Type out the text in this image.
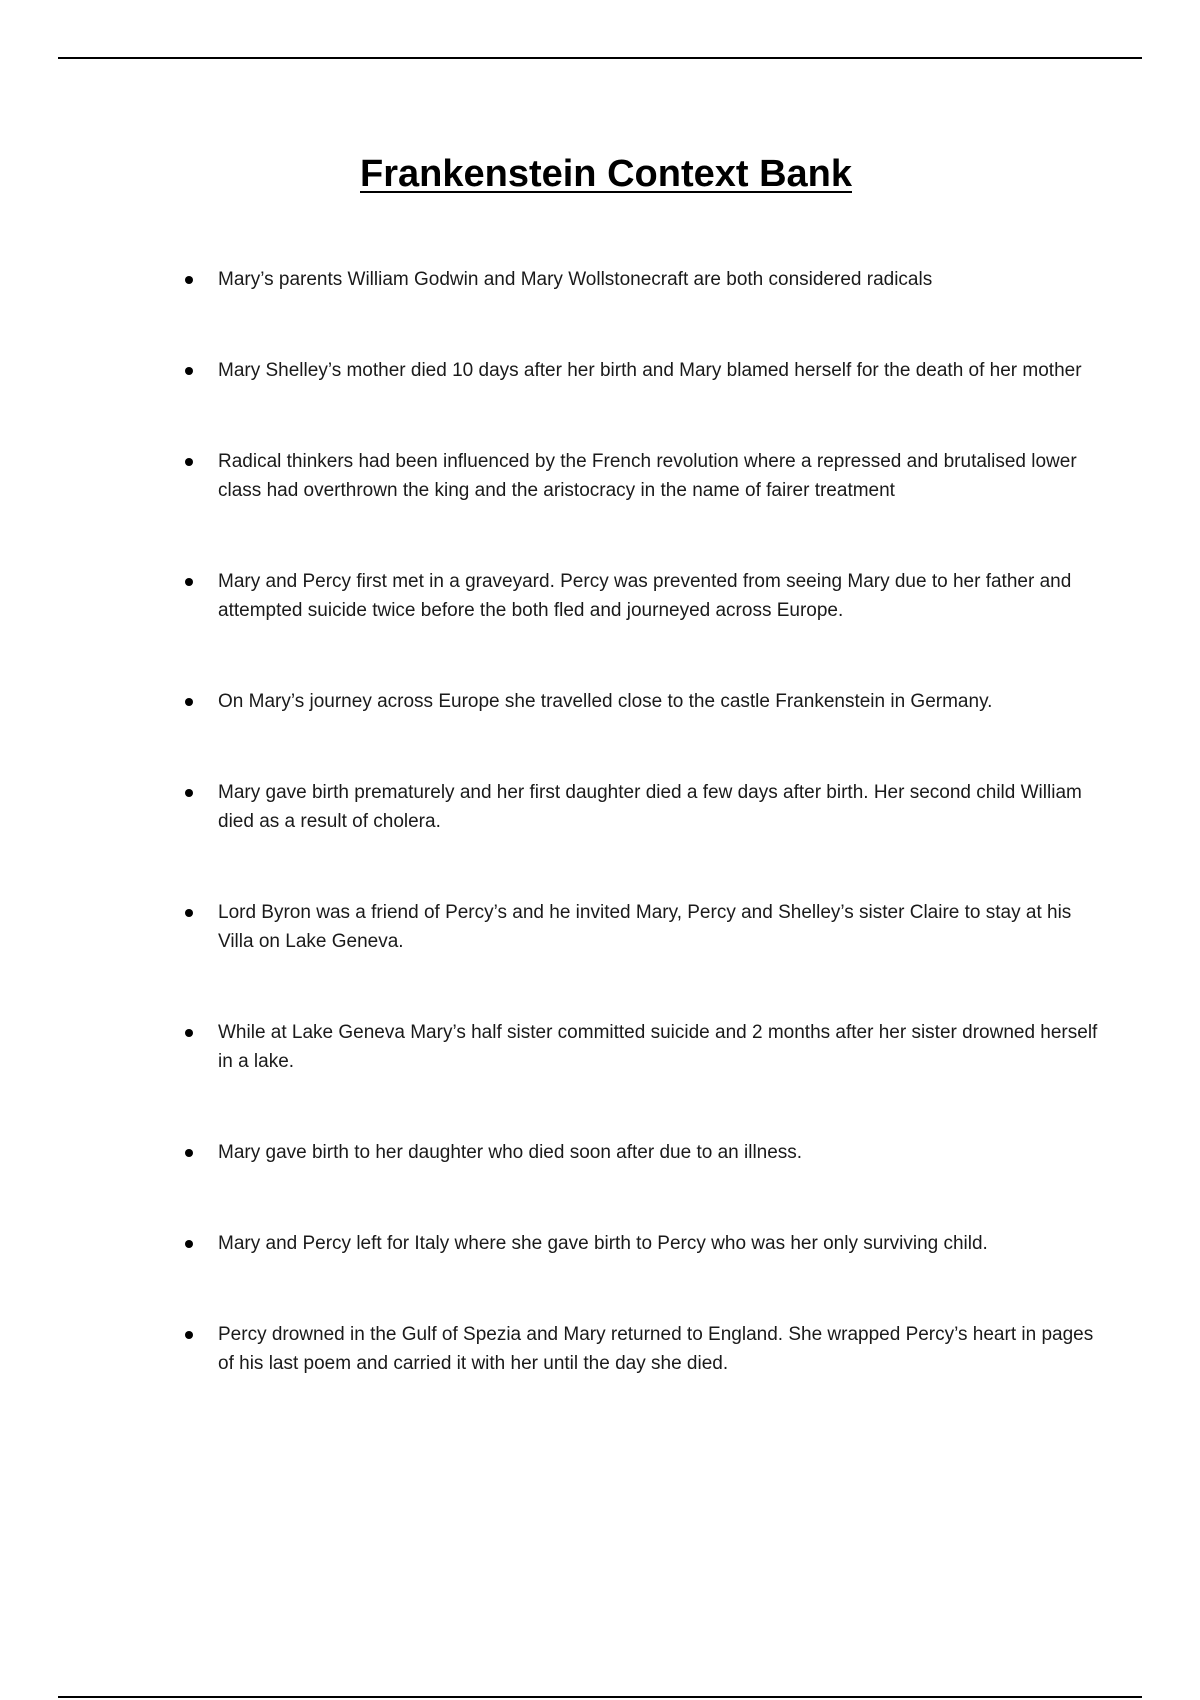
Frankenstein Context Bank
Mary’s parents William Godwin and Mary Wollstonecraft are both considered radicals
Mary Shelley’s mother died 10 days after her birth and Mary blamed herself for the death of her mother
Radical thinkers had been influenced by the French revolution where a repressed and brutalised lower class had overthrown the king and the aristocracy in the name of fairer treatment
Mary and Percy first met in a graveyard. Percy was prevented from seeing Mary due to her father and attempted suicide twice before the both fled and journeyed across Europe.
On Mary’s journey across Europe she travelled close to the castle Frankenstein in Germany.
Mary gave birth prematurely and her first daughter died a few days after birth. Her second child William died as a result of cholera.
Lord Byron was a friend of Percy’s and he invited Mary, Percy and Shelley’s sister Claire to stay at his Villa on Lake Geneva.
While at Lake Geneva Mary’s half sister committed suicide and 2 months after her sister drowned herself in a lake.
Mary gave birth to her daughter who died soon after due to an illness.
Mary and Percy left for Italy where she gave birth to Percy who was her only surviving child.
Percy drowned in the Gulf of Spezia and Mary returned to England. She wrapped Percy’s heart in pages of his last poem and carried it with her until the day she died.
